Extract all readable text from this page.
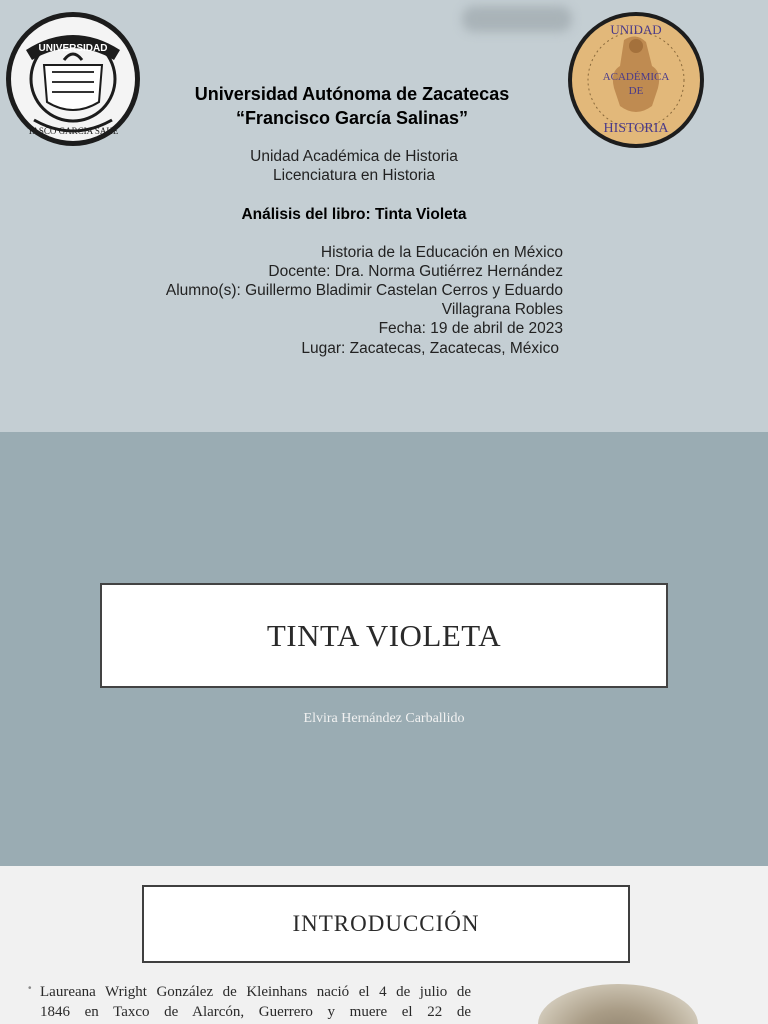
UNIVERSIDAD
TASCO GARCIA SAHE
UNIDAD
ACADÉMICA
DE
HISTORIA
Universidad Autónoma de Zacatecas
“Francisco García Salinas”
Unidad Académica de Historia
Licenciatura en Historia
Análisis del libro: Tinta Violeta
Historia de la Educación en México
Docente: Dra. Norma Gutiérrez Hernández
Alumno(s): Guillermo Bladimir Castelan Cerros y Eduardo
Villagrana Robles
Fecha: 19 de abril de 2023
Lugar: Zacatecas, Zacatecas, México
TINTA VIOLETA
Elvira Hernández Carballido
INTRODUCCIÓN
• Laureana Wright González de Kleinhans nació el 4 de julio de
1846 en Taxco de Alarcón, Guerrero y muere el 22 de
